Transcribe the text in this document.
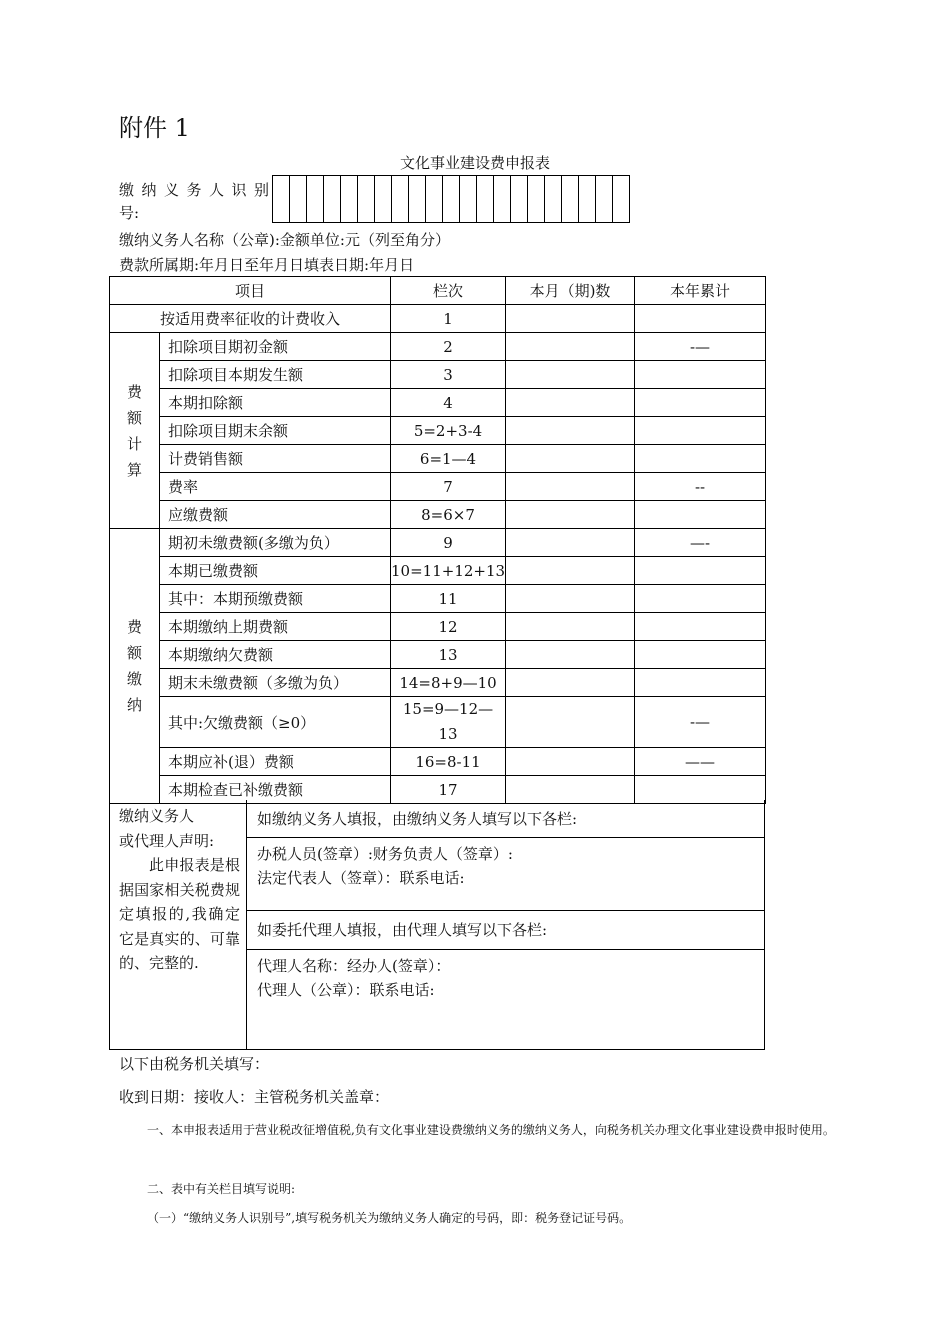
附件 1
文化事业建设费申报表
缴纳义务人识别
号:
缴纳义务人名称（公章):金额单位:元（列至角分）
费款所属期:年月日至年月日填表日期:年月日
项目		栏次	本月（期)数	本年累计
按适用费率征收的计费收入		1		
费额计算	扣除项目期初金额	2		-—
	扣除项目本期发生额	3		
	本期扣除额	4		
	扣除项目期末余额	5=2+3-4		
	计费销售额	6=1—4		
	费率	7		--
	应缴费额	8=6×7		
费额缴纳	期初未缴费额(多缴为负）	9		—-
	本期已缴费额	10=11+12+13		
	其中：本期预缴费额	11		
	本期缴纳上期费额	12		
	本期缴纳欠费额	13		
	期末未缴费额（多缴为负）	14=8+9—10		
	其中:欠缴费额（≥0）	15=9—12—13		-—
	本期应补(退）费额	16=8-11		——
	本期检查已补缴费额	17		
缴纳义务人
或代理人声明:
此申报表是根据国家相关税费规定填报的,我确定它是真实的、可靠的、完整的.
如缴纳义务人填报，由缴纳义务人填写以下各栏:
办税人员(签章）:财务负责人（签章）:
法定代表人（签章）：联系电话:
如委托代理人填报，由代理人填写以下各栏:
代理人名称：经办人(签章）：
代理人（公章）：联系电话:
以下由税务机关填写：
收到日期：接收人：主管税务机关盖章：
一、本申报表适用于营业税改征增值税,负有文化事业建设费缴纳义务的缴纳义务人，向税务机关办理文化事业建设费申报时使用。
二、表中有关栏目填写说明:
（一）“缴纳义务人识别号”,填写税务机关为缴纳义务人确定的号码，即：税务登记证号码。
